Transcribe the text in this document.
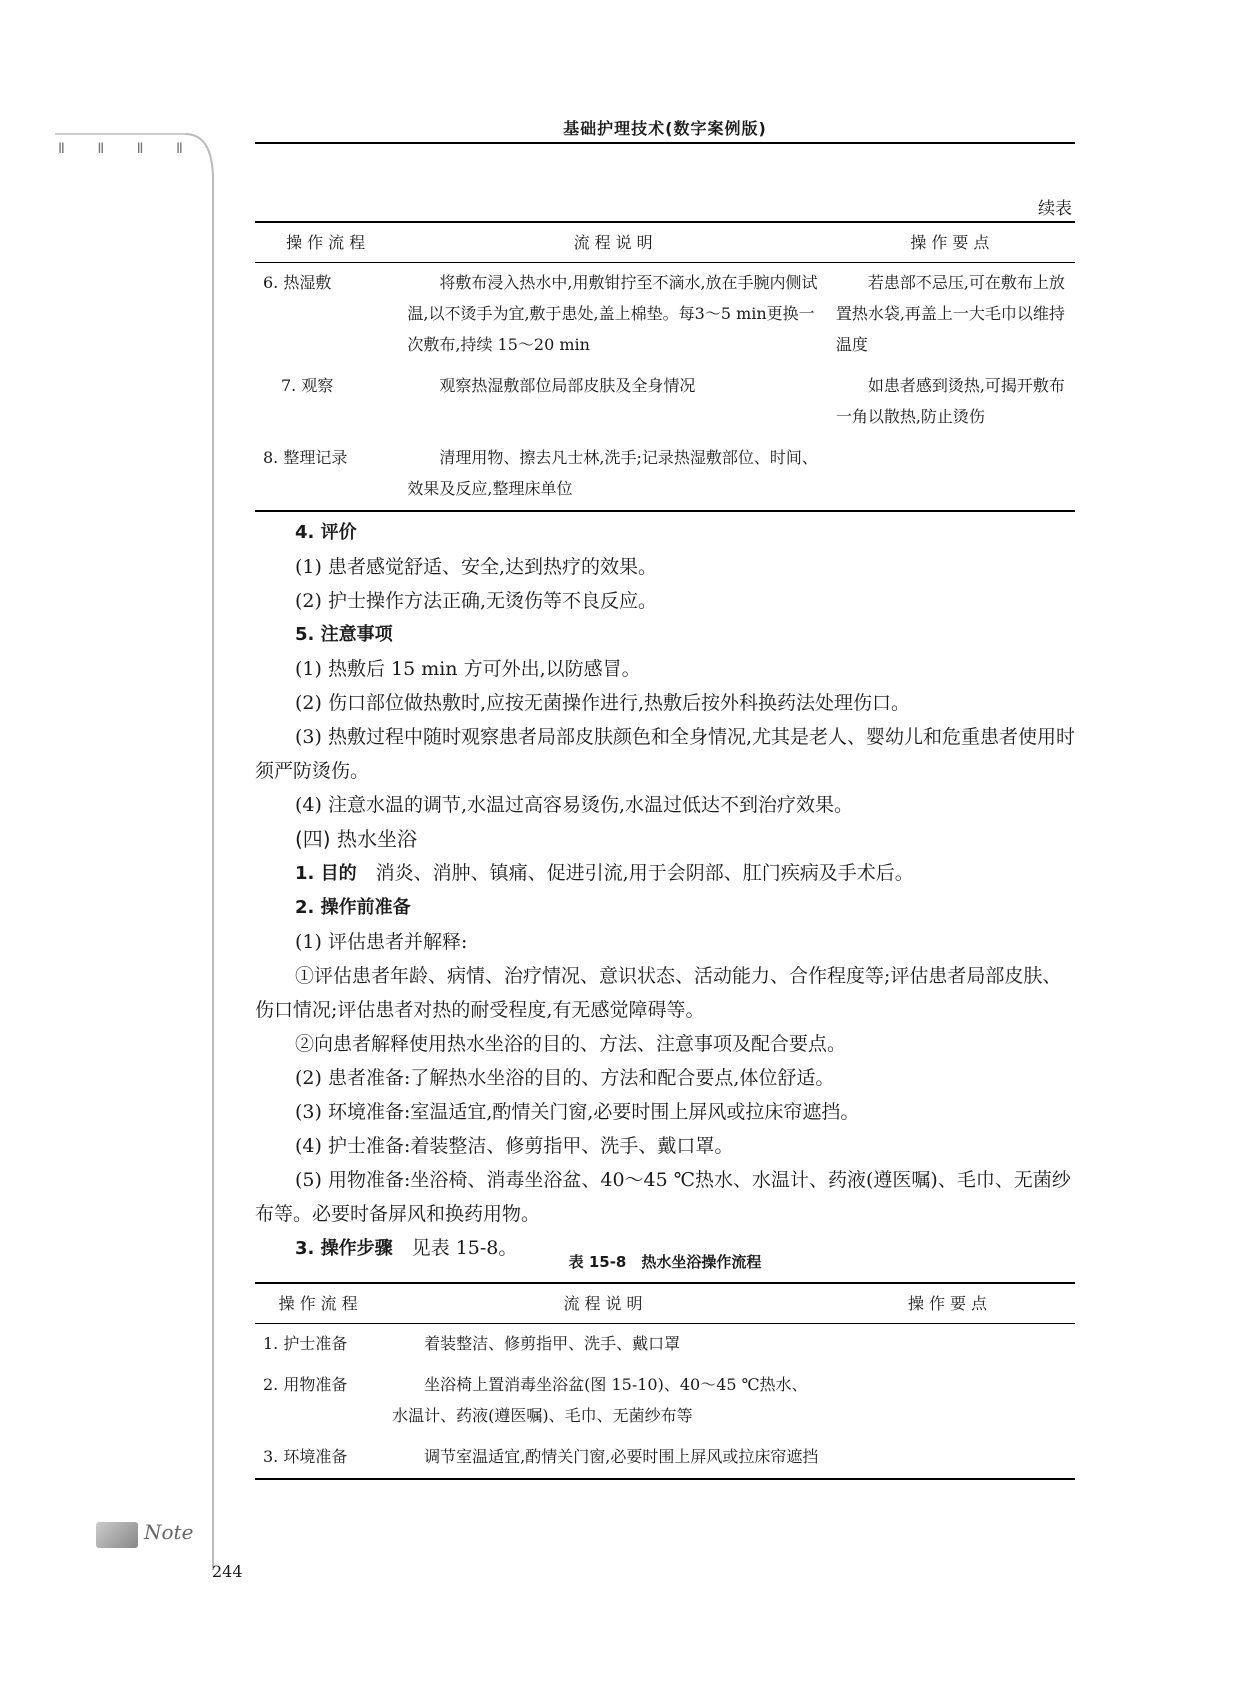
Ⅱ Ⅱ Ⅱ Ⅱ
基础护理技术(数字案例版)
续表
操作流程	流程说明	操作要点
6. 热湿敷	将敷布浸入热水中,用敷钳拧至不滴水,放在手腕内侧试温,以不烫手为宜,敷于患处,盖上棉垫。每3～5 min更换一次敷布,持续 15～20 min	若患部不忌压,可在敷布上放置热水袋,再盖上一大毛巾以维持温度
7. 观察	观察热湿敷部位局部皮肤及全身情况	如患者感到烫热,可揭开敷布一角以散热,防止烫伤
8. 整理记录	清理用物、擦去凡士林,洗手;记录热湿敷部位、时间、效果及反应,整理床单位	

4. 评价

(1) 患者感觉舒适、安全,达到热疗的效果。

(2) 护士操作方法正确,无烫伤等不良反应。

5. 注意事项

(1) 热敷后 15 min 方可外出,以防感冒。

(2) 伤口部位做热敷时,应按无菌操作进行,热敷后按外科换药法处理伤口。

(3) 热敷过程中随时观察患者局部皮肤颜色和全身情况,尤其是老人、婴幼儿和危重患者使用时须严防烫伤。

(4) 注意水温的调节,水温过高容易烫伤,水温过低达不到治疗效果。

(四) 热水坐浴

1. 目的　 消炎、消肿、镇痛、促进引流,用于会阴部、肛门疾病及手术后。

2. 操作前准备

(1) 评估患者并解释:

①评估患者年龄、病情、治疗情况、意识状态、活动能力、合作程度等;评估患者局部皮肤、伤口情况;评估患者对热的耐受程度,有无感觉障碍等。

②向患者解释使用热水坐浴的目的、方法、注意事项及配合要点。

(2) 患者准备:了解热水坐浴的目的、方法和配合要点,体位舒适。

(3) 环境准备:室温适宜,酌情关门窗,必要时围上屏风或拉床帘遮挡。

(4) 护士准备:着装整洁、修剪指甲、洗手、戴口罩。

(5) 用物准备:坐浴椅、消毒坐浴盆、40～45 ℃热水、水温计、药液(遵医嘱)、毛巾、无菌纱布等。必要时备屏风和换药用物。

3. 操作步骤　 见表 15-8。

表 15-8　热水坐浴操作流程
操作流程	流程说明	操作要点
1. 护士准备	着装整洁、修剪指甲、洗手、戴口罩	
2. 用物准备	坐浴椅上置消毒坐浴盆(图 15-10)、40～45 ℃热水、水温计、药液(遵医嘱)、毛巾、无菌纱布等	
3. 环境准备	调节室温适宜,酌情关门窗,必要时围上屏风或拉床帘遮挡	
Note
244
